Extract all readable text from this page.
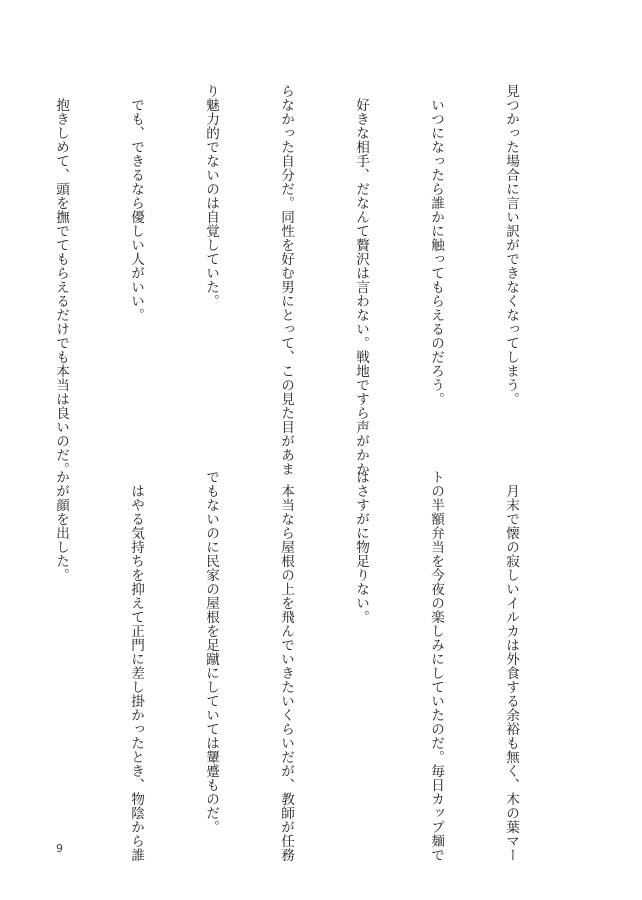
見つかった場合に言い訳ができなくなってしまう。

　いつになったら誰かに触ってもらえるのだろう。

　好きな相手、だなんて贅沢は言わない。戦地ですら声がかか

らなかった自分だ。同性を好む男にとって、この見た目があま

り魅力的でないのは自覚していた。

　でも、できるなら優しい人がいい。

　抱きしめて、頭を撫でてもらえるだけでも本当は良いのだ。

　月末で懐の寂しいイルカは外食する余裕も無く、木の葉マー

トの半額弁当を今夜の楽しみにしていたのだ。毎日カップ麺で

はさすがに物足りない。

　本当なら屋根の上を飛んでいきたいくらいだが、教師が任務

でもないのに民家の屋根を足蹴にしていては顰蹙ものだ。

　はやる気持ちを抑えて正門に差し掛かったとき、物陰から誰

かが顔を出した。

9
